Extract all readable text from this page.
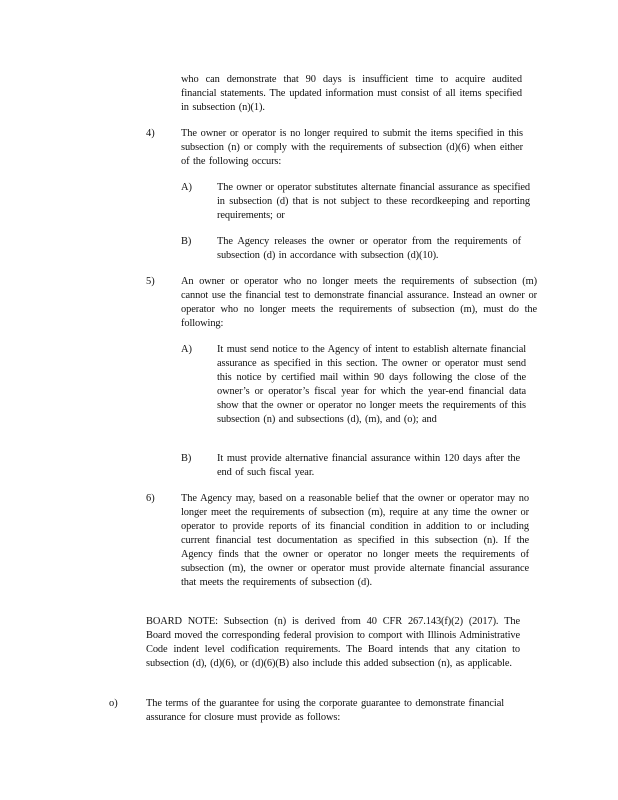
who can demonstrate that 90 days is insufficient time to acquire audited financial statements. The updated information must consist of all items specified in subsection (n)(1).
4)	The owner or operator is no longer required to submit the items specified in this subsection (n) or comply with the requirements of subsection (d)(6) when either of the following occurs:
A) The owner or operator substitutes alternate financial assurance as specified in subsection (d) that is not subject to these recordkeeping and reporting requirements; or
B) The Agency releases the owner or operator from the requirements of subsection (d) in accordance with subsection (d)(10).
5)	An owner or operator who no longer meets the requirements of subsection (m) cannot use the financial test to demonstrate financial assurance. Instead an owner or operator who no longer meets the requirements of subsection (m), must do the following:
A) It must send notice to the Agency of intent to establish alternate financial assurance as specified in this section. The owner or operator must send this notice by certified mail within 90 days following the close of the owner’s or operator’s fiscal year for which the year-end financial data show that the owner or operator no longer meets the requirements of this subsection (n) and subsections (d), (m), and (o); and
B) It must provide alternative financial assurance within 120 days after the end of such fiscal year.
6)	The Agency may, based on a reasonable belief that the owner or operator may no longer meet the requirements of subsection (m), require at any time the owner or operator to provide reports of its financial condition in addition to or including current financial test documentation as specified in this subsection (n). If the Agency finds that the owner or operator no longer meets the requirements of subsection (m), the owner or operator must provide alternate financial assurance that meets the requirements of subsection (d).
BOARD NOTE: Subsection (n) is derived from 40 CFR 267.143(f)(2) (2017). The Board moved the corresponding federal provision to comport with Illinois Administrative Code indent level codification requirements. The Board intends that any citation to subsection (d), (d)(6), or (d)(6)(B) also include this added subsection (n), as applicable.
o)	The terms of the guarantee for using the corporate guarantee to demonstrate financial assurance for closure must provide as follows:
